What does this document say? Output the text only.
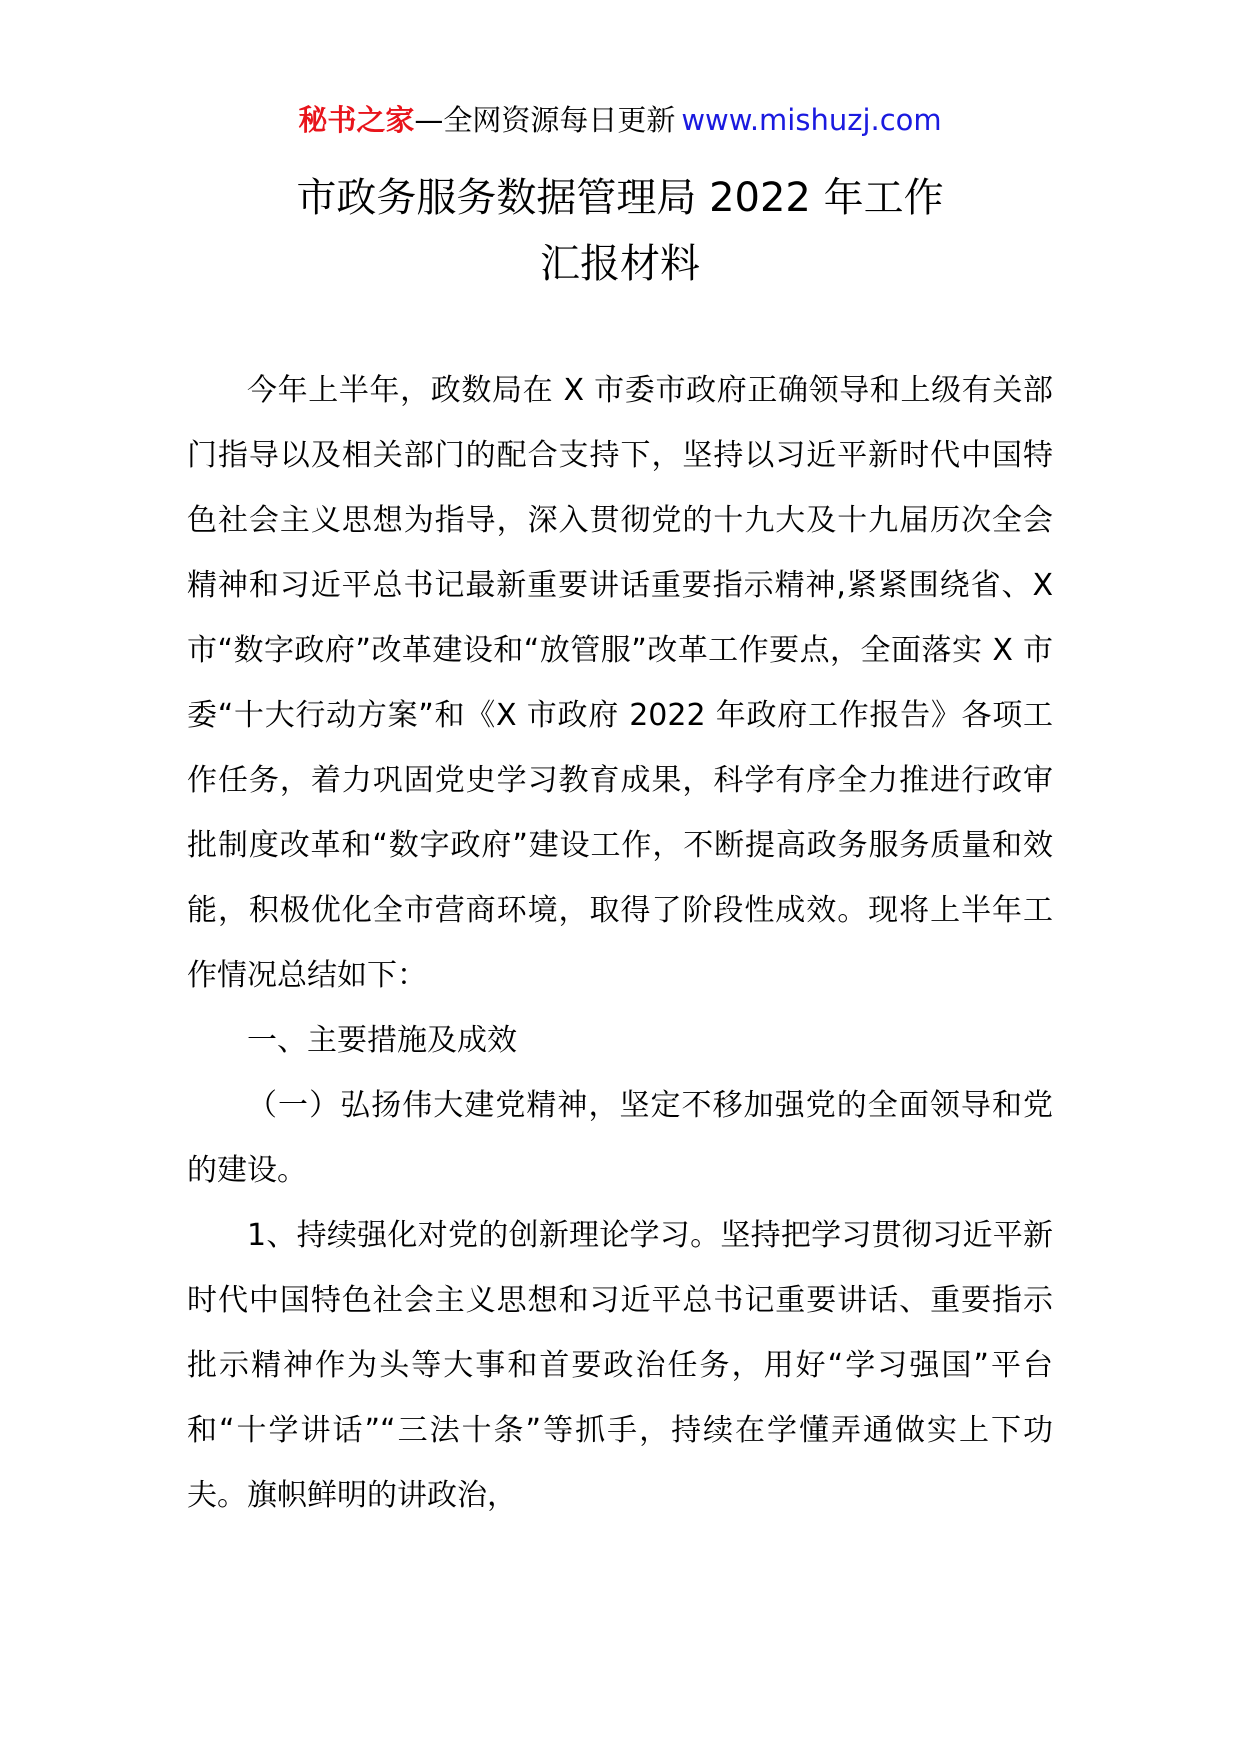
秘书之家—全网资源每日更新 www.mishuzj.com
市政务服务数据管理局 2022 年工作
汇报材料

今年上半年，政数局在 X 市委市政府正确领导和上级有关部门指导以及相关部门的配合支持下，坚持以习近平新时代中国特色社会主义思想为指导，深入贯彻党的十九大及十九届历次全会精神和习近平总书记最新重要讲话重要指示精神,紧紧围绕省、X 市“数字政府”改革建设和“放管服”改革工作要点，全面落实 X 市委“十大行动方案”和《X 市政府 2022 年政府工作报告》各项工作任务，着力巩固党史学习教育成果，科学有序全力推进行政审批制度改革和“数字政府”建设工作，不断提高政务服务质量和效能，积极优化全市营商环境，取得了阶段性成效。现将上半年工作情况总结如下：

一、主要措施及成效

（一）弘扬伟大建党精神，坚定不移加强党的全面领导和党的建设。

1、持续强化对党的创新理论学习。坚持把学习贯彻习近平新时代中国特色社会主义思想和习近平总书记重要讲话、重要指示批示精神作为头等大事和首要政治任务，用好“学习强国”平台和“十学讲话”“三法十条”等抓手，持续在学懂弄通做实上下功夫。旗帜鲜明的讲政治，
